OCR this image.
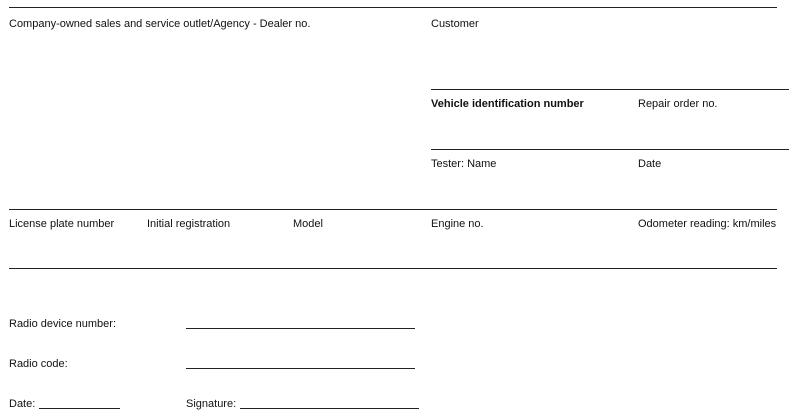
Company-owned sales and service outlet/Agency - Dealer no.	Customer
Vehicle identification number	Repair order no.
Tester: Name	Date
License plate number	Initial registration	Model	Engine no.	Odometer reading: km/miles
Radio device number:
Radio code:
Date:	Signature:
